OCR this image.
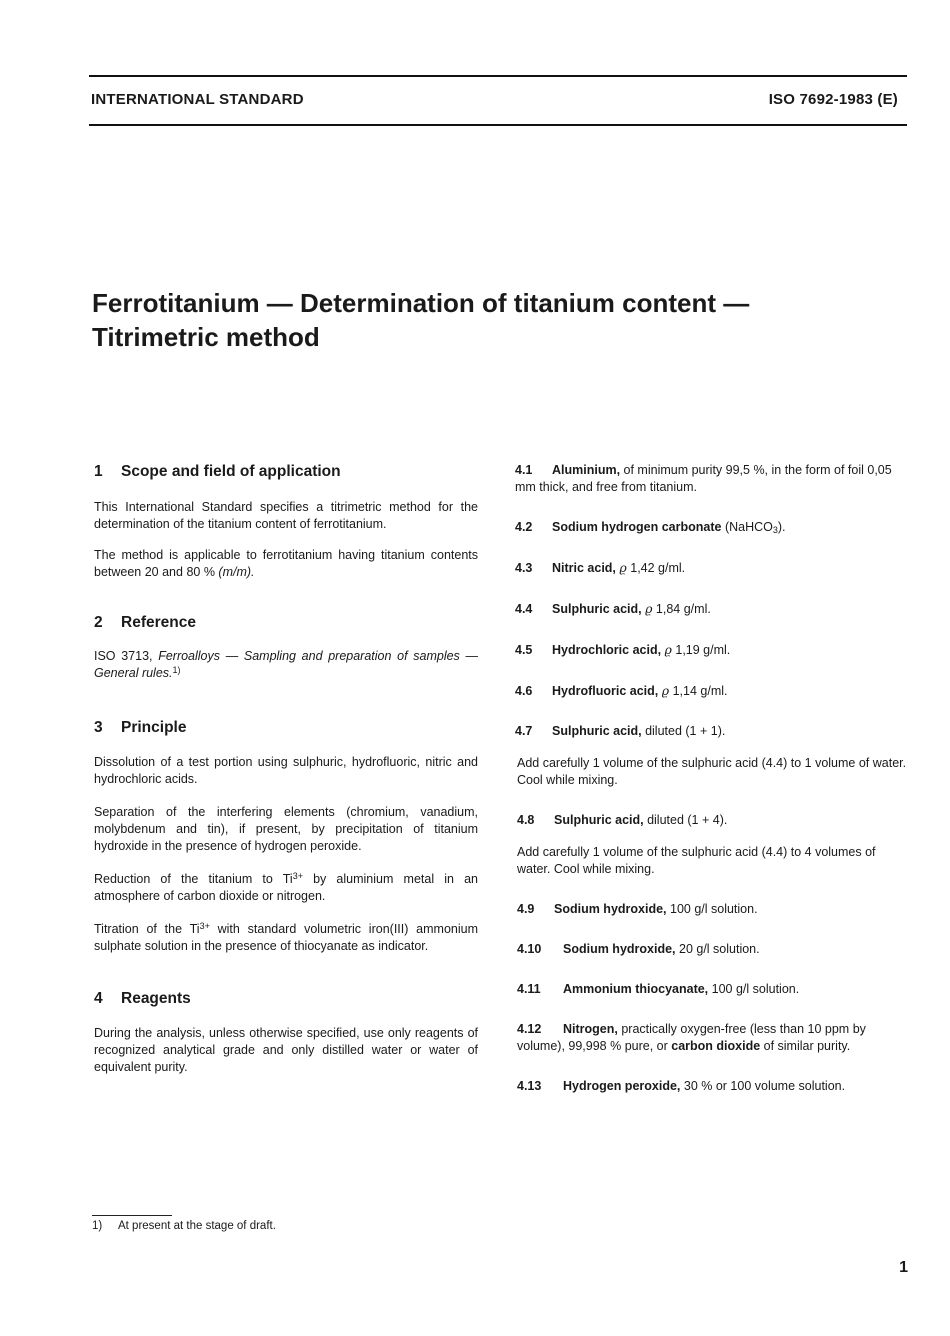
INTERNATIONAL STANDARD	ISO 7692-1983 (E)
Ferrotitanium — Determination of titanium content —
Titrimetric method
1 Scope and field of application

This International Standard specifies a titrimetric method for the determination of the titanium content of ferrotitanium.

The method is applicable to ferrotitanium having titanium contents between 20 and 80 % (m/m).

2 Reference

ISO 3713, Ferroalloys — Sampling and preparation of samples — General rules.$^{1)}$

3 Principle

Dissolution of a test portion using sulphuric, hydrofluoric, nitric and hydrochloric acids.

Separation of the interfering elements (chromium, vanadium, molybdenum and tin), if present, by precipitation of titanium hydroxide in the presence of hydrogen peroxide.

Reduction of the titanium to $Ti^{3+}$ by aluminium metal in an atmosphere of carbon dioxide or nitrogen.

Titration of the $Ti^{3+}$ with standard volumetric iron(III) ammonium sulphate solution in the presence of thiocyanate as indicator.

4 Reagents

During the analysis, unless otherwise specified, use only reagents of recognized analytical grade and only distilled water or water of equivalent purity.

4.1 Aluminium, of minimum purity 99,5 %, in the form of foil 0,05 mm thick, and free from titanium.

4.2 Sodium hydrogen carbonate (NaHCO$_3$).

4.3 Nitric acid, ϱ 1,42 g/ml.

4.4 Sulphuric acid, ϱ 1,84 g/ml.

4.5 Hydrochloric acid, ϱ 1,19 g/ml.

4.6 Hydrofluoric acid, ϱ 1,14 g/ml.

4.7 Sulphuric acid, diluted (1 + 1).

Add carefully 1 volume of the sulphuric acid (4.4) to 1 volume of water. Cool while mixing.

4.8 Sulphuric acid, diluted (1 + 4).

Add carefully 1 volume of the sulphuric acid (4.4) to 4 volumes of water. Cool while mixing.

4.9 Sodium hydroxide, 100 g/l solution.

4.10 Sodium hydroxide, 20 g/l solution.

4.11 Ammonium thiocyanate, 100 g/l solution.

4.12 Nitrogen, practically oxygen-free (less than 10 ppm by volume), 99,998 % pure, or carbon dioxide of similar purity.

4.13 Hydrogen peroxide, 30 % or 100 volume solution.

1) At present at the stage of draft.
1
